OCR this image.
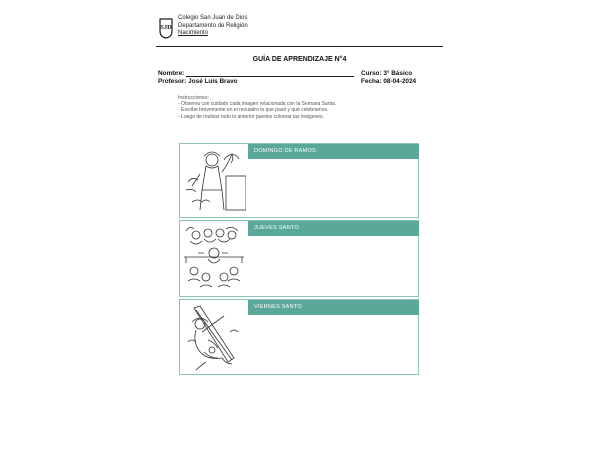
SJD
Colegio San Juan de Dios
Departamento de Religión
Nacimiento
GUÍA DE APRENDIZAJE N°4
Nombre:	Curso: 3° Básico
Profesor: José Luis Bravo	Fecha: 08-04-2024
Instrucciones:
- Observa con cuidado cada imagen relacionada con la Semana Santa.
- Escribe brevemente en el recuadro lo que pasó y qué celebramos.
- Luego de realizar todo lo anterior puedes colorear las imágenes.
DOMINGO DE RAMOS
JUEVES SANTO
VIERNES SANTO
